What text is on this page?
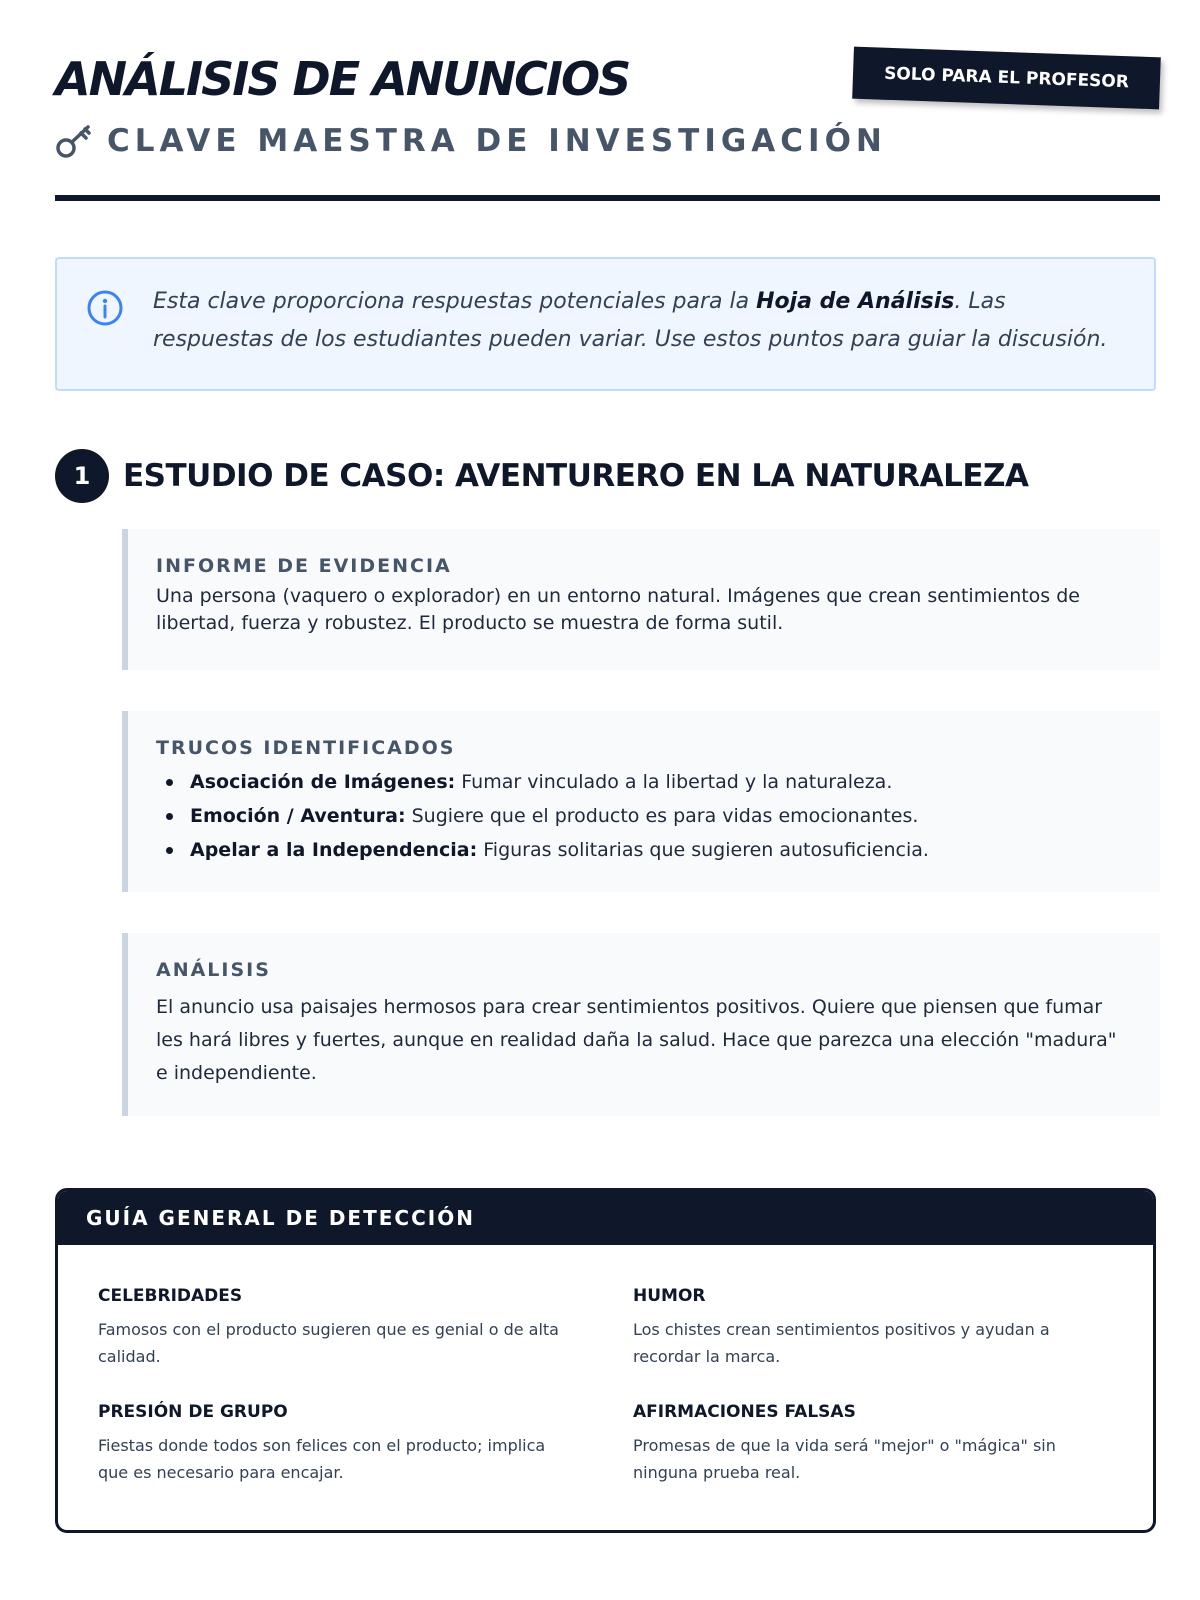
ANÁLISIS DE ANUNCIOS
CLAVE MAESTRA DE INVESTIGACIÓN
SOLO PARA EL PROFESOR

Esta clave proporciona respuestas potenciales para la Hoja de Análisis. Las respuestas de los estudiantes pueden variar. Use estos puntos para guiar la discusión.

1	ESTUDIO DE CASO: AVENTURERO EN LA NATURALEZA

INFORME DE EVIDENCIA

Una persona (vaquero o explorador) en un entorno natural. Imágenes que crean sentimientos de libertad, fuerza y robustez. El producto se muestra de forma sutil.

TRUCOS IDENTIFICADOS

Asociación de Imágenes: Fumar vinculado a la libertad y la naturaleza.
Emoción / Aventura: Sugiere que el producto es para vidas emocionantes.
Apelar a la Independencia: Figuras solitarias que sugieren autosuficiencia.

ANÁLISIS

El anuncio usa paisajes hermosos para crear sentimientos positivos. Quiere que piensen que fumar les hará libres y fuertes, aunque en realidad daña la salud. Hace que parezca una elección "madura" e independiente.

GUÍA GENERAL DE DETECCIÓN
CELEBRIDADES

Famosos con el producto sugieren que es genial o de alta calidad.

HUMOR

Los chistes crean sentimientos positivos y ayudan a recordar la marca.

PRESIÓN DE GRUPO

Fiestas donde todos son felices con el producto; implica que es necesario para encajar.

AFIRMACIONES FALSAS

Promesas de que la vida será "mejor" o "mágica" sin ninguna prueba real.
